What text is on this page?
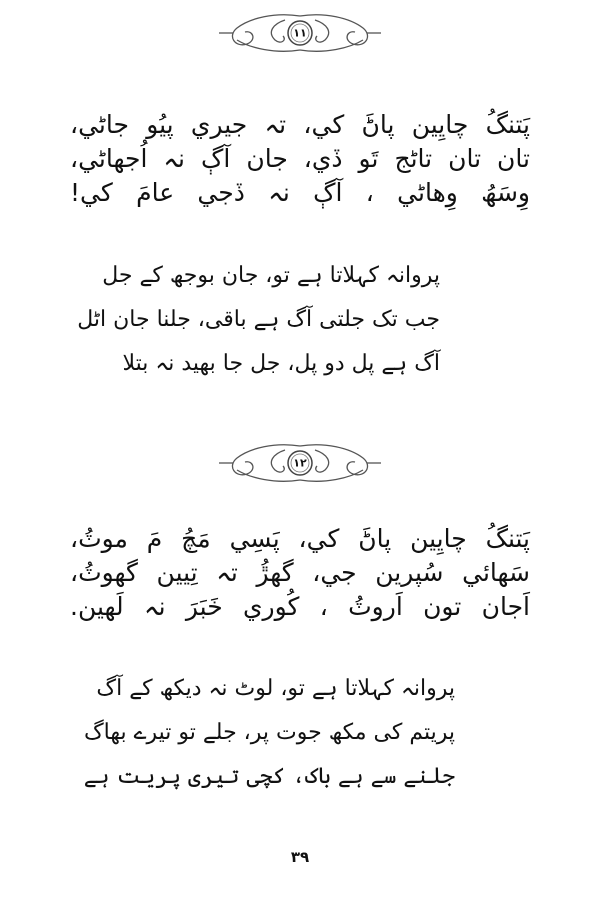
١١
پَتنگُ چايِين پاڻَ کي، تہ جيري پيُو جاڻي،
تان تان تاڻج تَو ڏي، جان آڳ نہ اُجهاڻي،
وِسَھُ وِھاڻي ، آڳ نہ ڏجي عامَ کي!
پروانہ کہلاتا ہے تو، جان بوجھ کے جل
جب تک جلتی آگ ہے باقی، جلنا جان اٹل
آگ ہے پل دو پل، جل جا بھید نہ بتلا
١٢
پَتنگُ چايِين پاڻَ کي، پَسِي مَچُ مَ موٽُ،
سَھائي سُپرين جي، گهڙُ تہ تِيين گهوٽُ،
اَجان تون اَروٽُ ، کُوري خَبَرَ نہ لَھين.
پروانہ کہلاتا ہے تو، لوٹ نہ دیکھ کے آگ
پریتم کی مکھ جوت پر، جلے تو تیرے بھاگ
جلنے سے ہے باک، کچی تیری پریت ہے
٣٩
